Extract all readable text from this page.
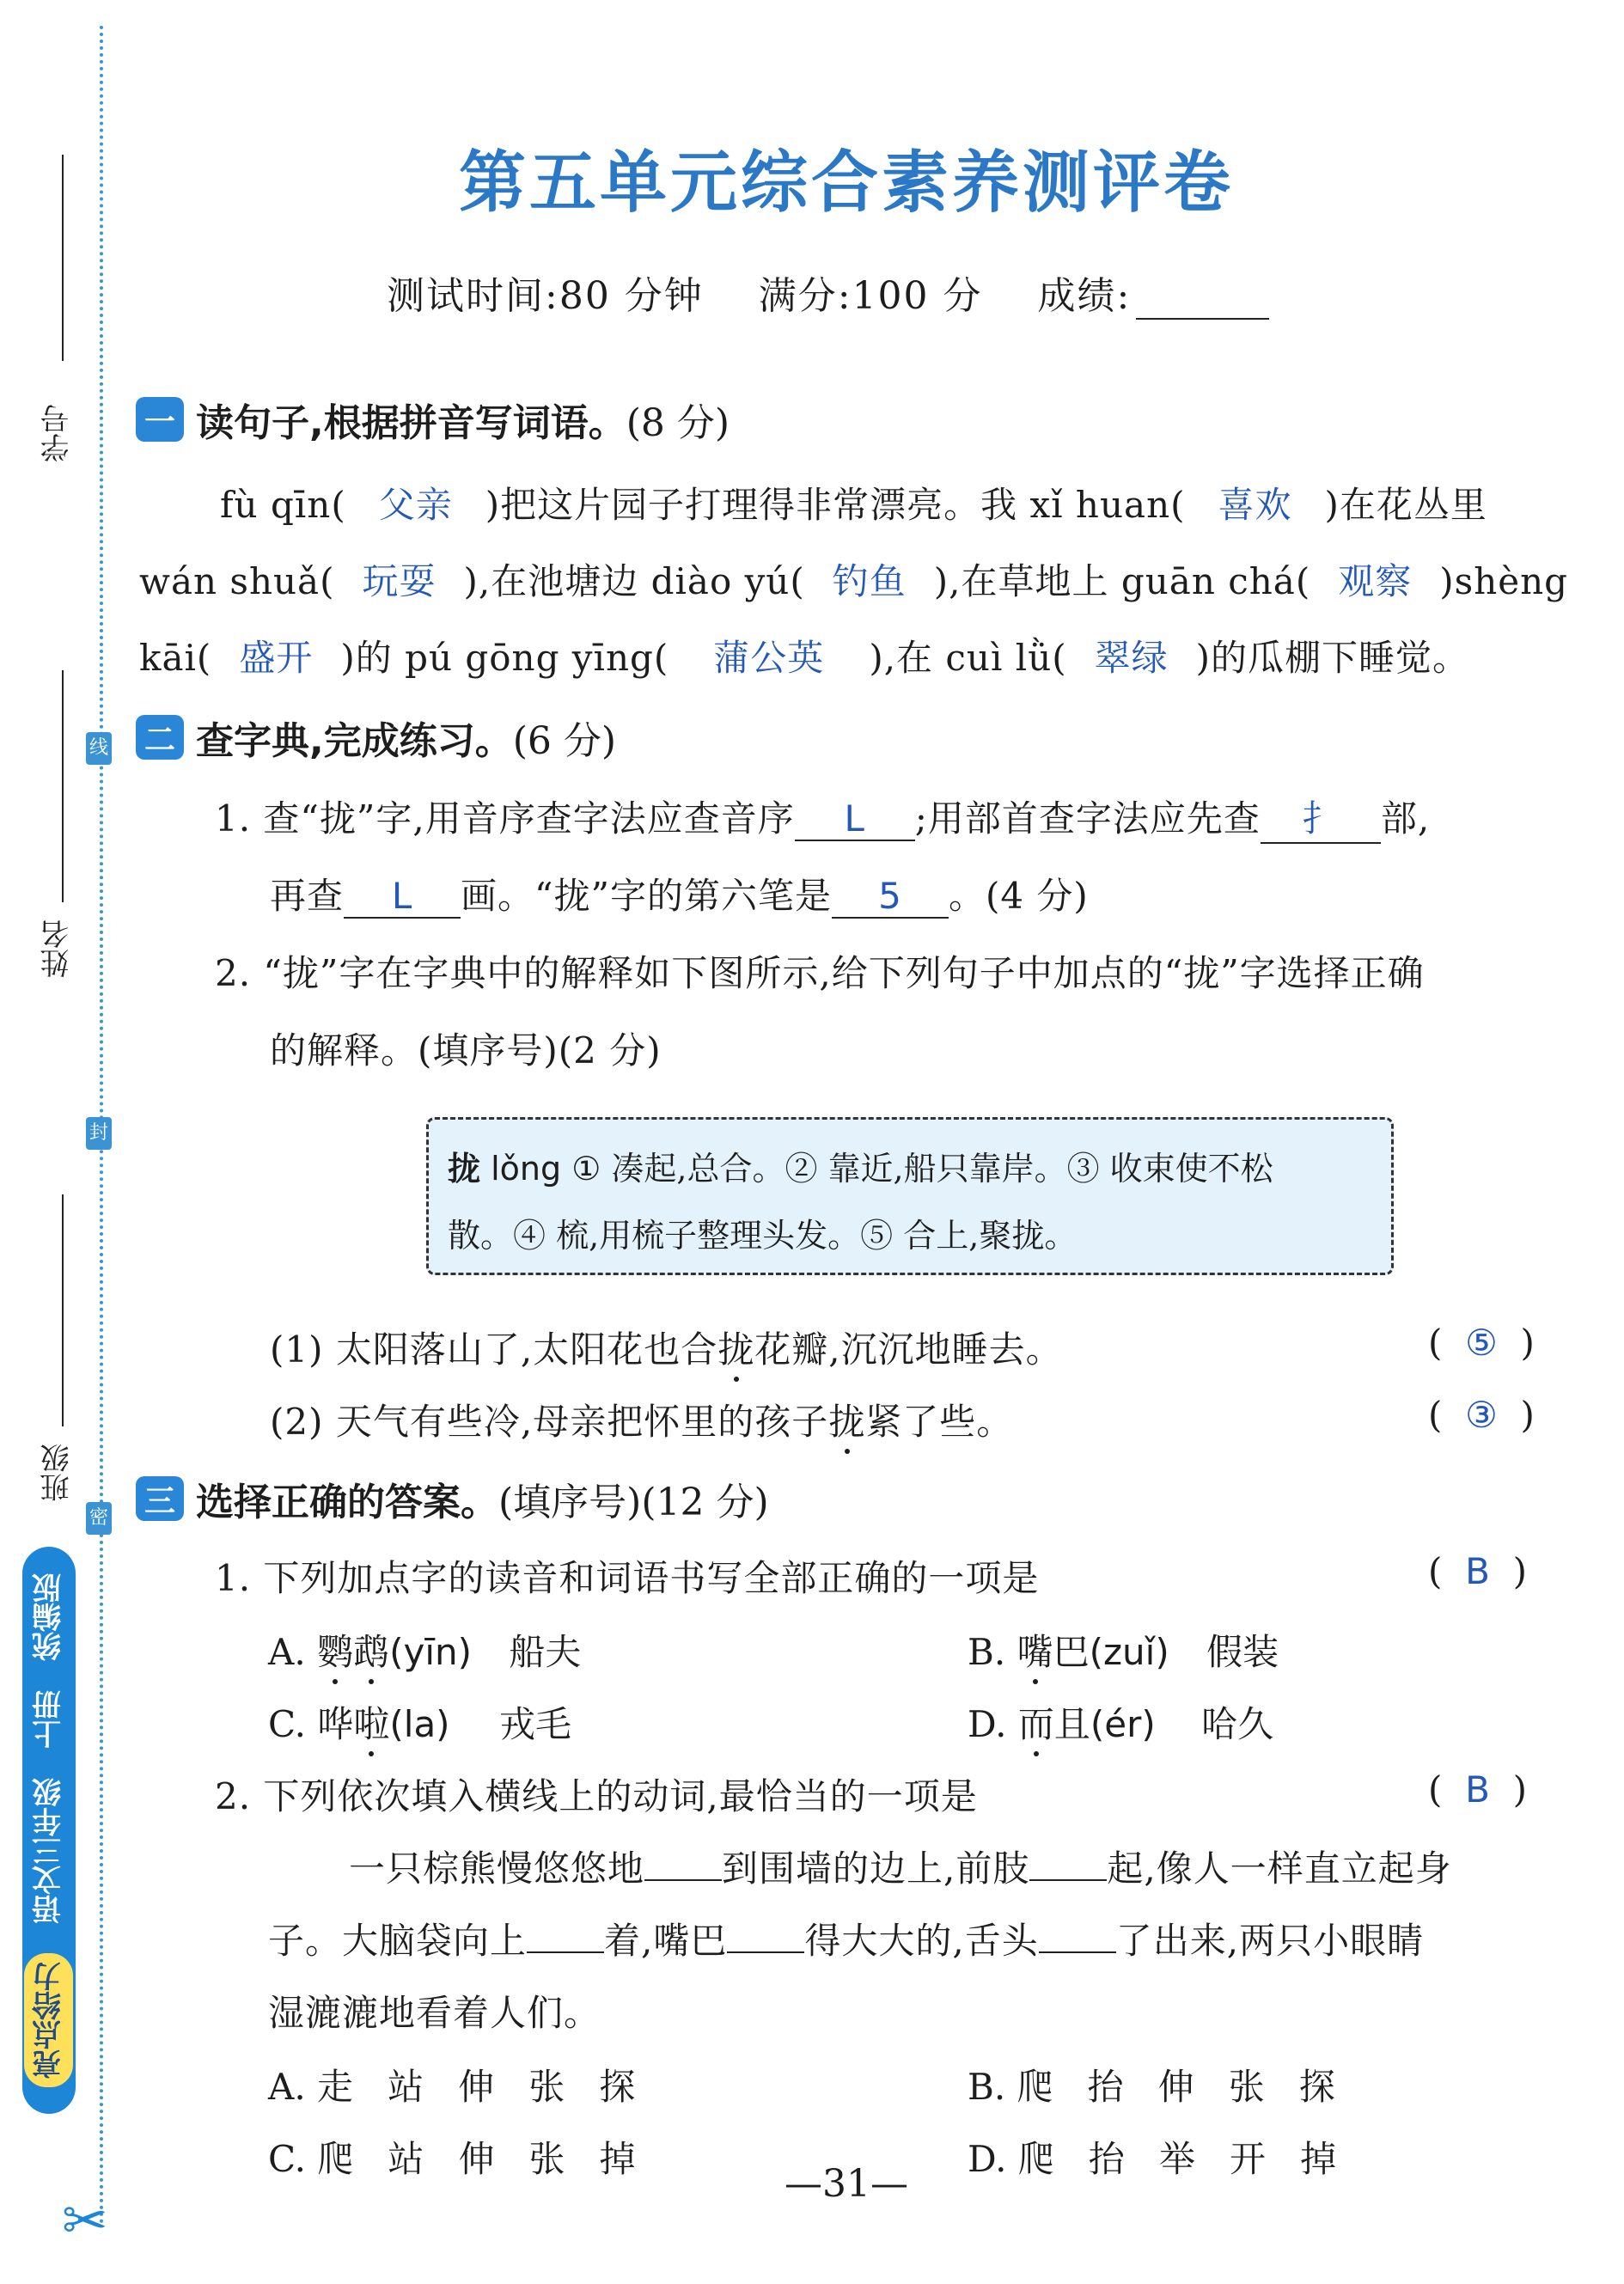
学号
姓名
班级
线
封
密
亮点给力
语文三年级
上册
统编版
✂
第五单元综合素养测评卷
测试时间:80 分钟    满分:100 分    成绩:
一 读句子,根据拼音写词语。 (8 分)
fù qīn( 父亲 )把这片园子打理得非常漂亮。我 xǐ huan( 喜欢 )在花丛里
wán shuǎ( 玩耍 ),在池塘边 diào yú( 钓鱼 ),在草地上 guān chá( 观察 )shèng
kāi( 盛开 )的 pú gōng yīng( 蒲公英 ),在 cuì lǜ( 翠绿 )的瓜棚下睡觉。
二 查字典,完成练习。 (6 分)
1. 查“拢”字,用音序查字法应查音序 L ;用部首查字法应先查 扌 部,
再查 L 画。“拢”字的第六笔是 5 。(4 分)
2. “拢”字在字典中的解释如下图所示,给下列句子中加点的“拢”字选择正确
的解释。(填序号)(2 分)
拢 lǒng ① 凑起,总合。② 靠近,船只靠岸。③ 收束使不松
散。④ 梳,用梳子整理头发。⑤ 合上,聚拢。
(1) 太阳落山了,太阳花也合拢花瓣,沉沉地睡去。	(  ⑤  )
(2) 天气有些冷,母亲把怀里的孩子拢紧了些。	(  ③  )
三 选择正确的答案。 (填序号)(12 分)
1. 下列加点字的读音和词语书写全部正确的一项是	(  B  )
A. 鹦鹉(yīn) 船夫	B. 嘴巴(zuǐ) 假装
C. 哗啦(la) 戎毛	D. 而且(ér) 哈久
2. 下列依次填入横线上的动词,最恰当的一项是	(  B  )
一只棕熊慢悠悠地 到围墙的边上,前肢 起,像人一样直立起身
子。大脑袋向上 着,嘴巴 得大大的,舌头 了出来,两只小眼睛
湿漉漉地看着人们。
A. 走   站   伸   张   探	B. 爬   抬   伸   张   探
C. 爬   站   伸   张   掉	D. 爬   抬   举   开   掉
—31—
